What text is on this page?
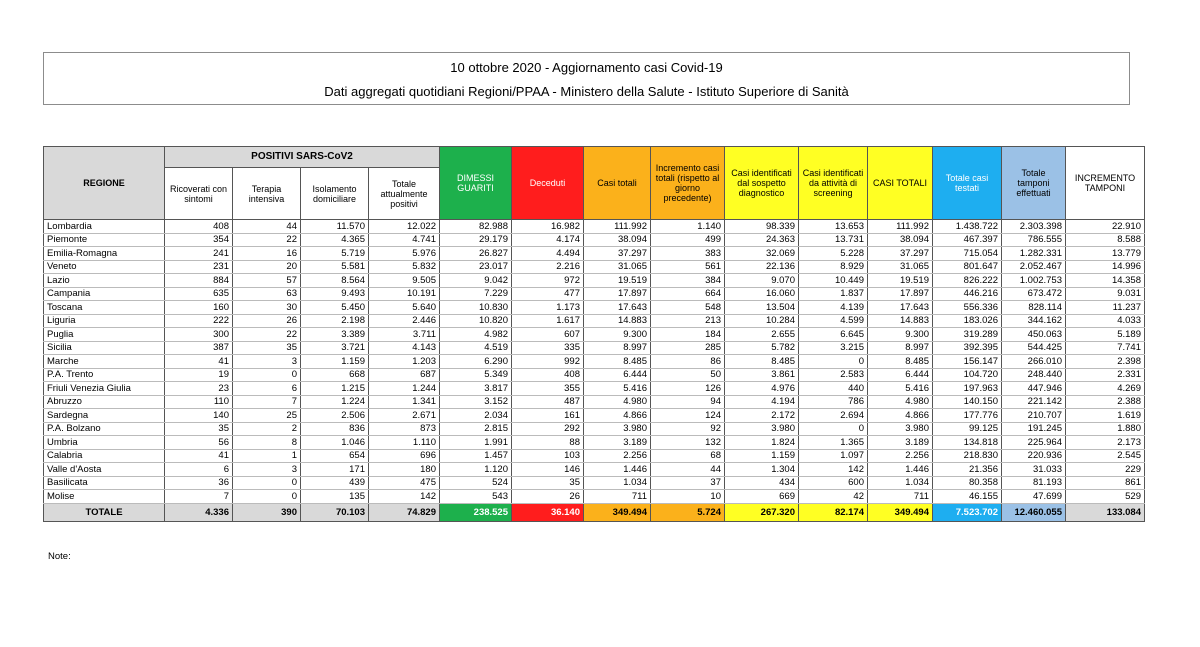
10 ottobre 2020 - Aggiornamento casi Covid-19
Dati aggregati quotidiani Regioni/PPAA - Ministero della Salute - Istituto Superiore di Sanità
REGIONE	POSITIVI SARS-CoV2				DIMESSI GUARITI	Deceduti	Casi totali	Incremento casi totali (rispetto al giorno precedente)	Casi identificati dal sospetto diagnostico	Casi identificati da attività di screening	CASI TOTALI	Totale casi testati	Totale tamponi effettuati	INCREMENTO TAMPONI
	Ricoverati con sintomi	Terapia intensiva	Isolamento domiciliare	Totale attualmente positivi										
Lombardia	408	44	11.570	12.022	82.988	16.982	111.992	1.140	98.339	13.653	111.992	1.438.722	2.303.398	22.910
Piemonte	354	22	4.365	4.741	29.179	4.174	38.094	499	24.363	13.731	38.094	467.397	786.555	8.588
Emilia-Romagna	241	16	5.719	5.976	26.827	4.494	37.297	383	32.069	5.228	37.297	715.054	1.282.331	13.779
Veneto	231	20	5.581	5.832	23.017	2.216	31.065	561	22.136	8.929	31.065	801.647	2.052.467	14.996
Lazio	884	57	8.564	9.505	9.042	972	19.519	384	9.070	10.449	19.519	826.222	1.002.753	14.358
Campania	635	63	9.493	10.191	7.229	477	17.897	664	16.060	1.837	17.897	446.216	673.472	9.031
Toscana	160	30	5.450	5.640	10.830	1.173	17.643	548	13.504	4.139	17.643	556.336	828.114	11.237
Liguria	222	26	2.198	2.446	10.820	1.617	14.883	213	10.284	4.599	14.883	183.026	344.162	4.033
Puglia	300	22	3.389	3.711	4.982	607	9.300	184	2.655	6.645	9.300	319.289	450.063	5.189
Sicilia	387	35	3.721	4.143	4.519	335	8.997	285	5.782	3.215	8.997	392.395	544.425	7.741
Marche	41	3	1.159	1.203	6.290	992	8.485	86	8.485	0	8.485	156.147	266.010	2.398
P.A. Trento	19	0	668	687	5.349	408	6.444	50	3.861	2.583	6.444	104.720	248.440	2.331
Friuli Venezia Giulia	23	6	1.215	1.244	3.817	355	5.416	126	4.976	440	5.416	197.963	447.946	4.269
Abruzzo	110	7	1.224	1.341	3.152	487	4.980	94	4.194	786	4.980	140.150	221.142	2.388
Sardegna	140	25	2.506	2.671	2.034	161	4.866	124	2.172	2.694	4.866	177.776	210.707	1.619
P.A. Bolzano	35	2	836	873	2.815	292	3.980	92	3.980	0	3.980	99.125	191.245	1.880
Umbria	56	8	1.046	1.110	1.991	88	3.189	132	1.824	1.365	3.189	134.818	225.964	2.173
Calabria	41	1	654	696	1.457	103	2.256	68	1.159	1.097	2.256	218.830	220.936	2.545
Valle d'Aosta	6	3	171	180	1.120	146	1.446	44	1.304	142	1.446	21.356	31.033	229
Basilicata	36	0	439	475	524	35	1.034	37	434	600	1.034	80.358	81.193	861
Molise	7	0	135	142	543	26	711	10	669	42	711	46.155	47.699	529
TOTALE	4.336	390	70.103	74.829	238.525	36.140	349.494	5.724	267.320	82.174	349.494	7.523.702	12.460.055	133.084
Note:
